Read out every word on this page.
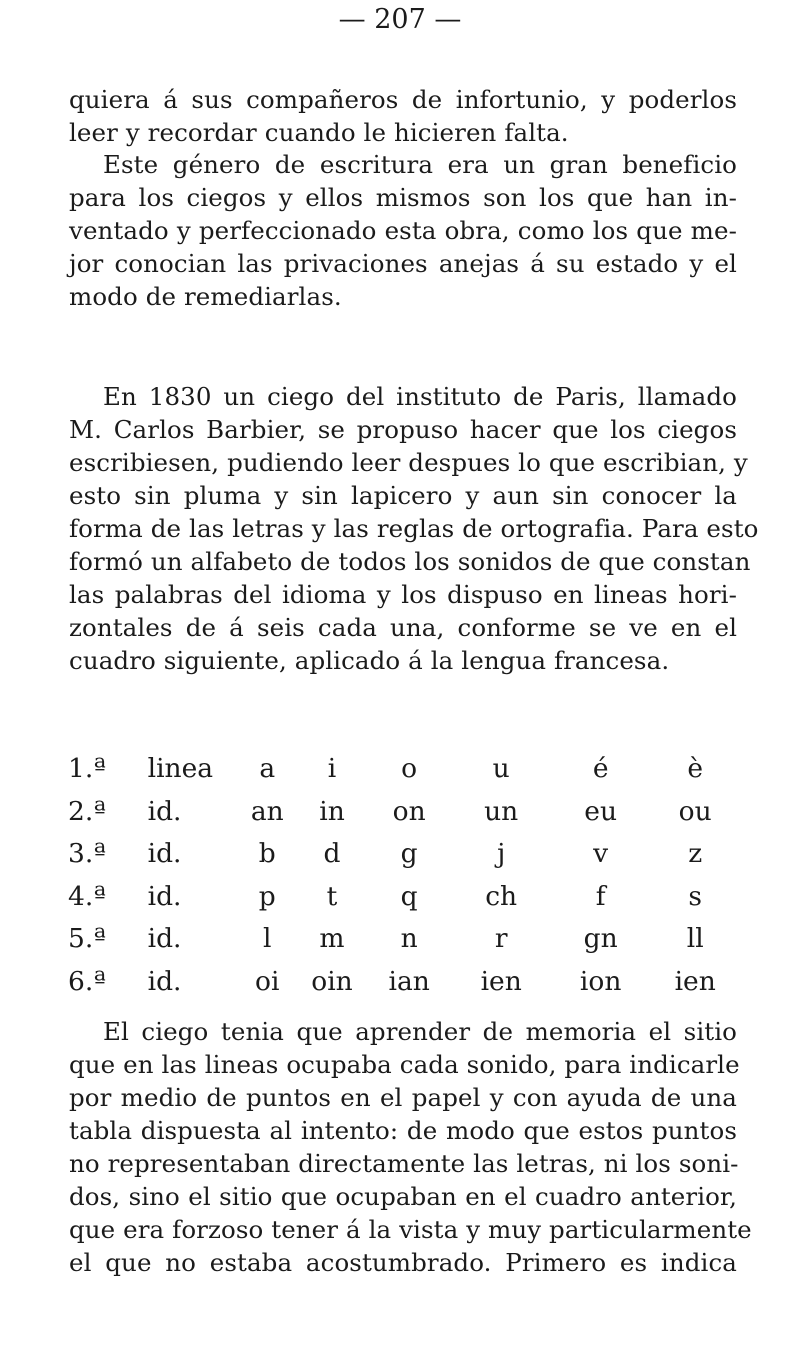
— 207 —
quiera á sus compañeros de infortunio, y poderlos
leer y recordar cuando le hicieren falta.
Este género de escritura era un gran beneficio
para los ciegos y ellos mismos son los que han in-
ventado y perfeccionado esta obra, como los que me-
jor conocian las privaciones anejas á su estado y el
modo de remediarlas.
En 1830 un ciego del instituto de Paris, llamado
M. Carlos Barbier, se propuso hacer que los ciegos
escribiesen, pudiendo leer despues lo que escribian, y
esto sin pluma y sin lapicero y aun sin conocer la
forma de las letras y las reglas de ortografia. Para esto
formó un alfabeto de todos los sonidos de que constan
las palabras del idioma y los dispuso en lineas hori-
zontales de á seis cada una, conforme se ve en el
cuadro siguiente, aplicado á la lengua francesa.
1.ª	linea	a	i	o	u	é	è
2.ª	id.	an	in	on	un	eu	ou
3.ª	id.	b	d	g	j	v	z
4.ª	id.	p	t	q	ch	f	s
5.ª	id.	l	m	n	r	gn	ll
6.ª	id.	oi	oin	ian	ien	ion	ien
El ciego tenia que aprender de memoria el sitio
que en las lineas ocupaba cada sonido, para indicarle
por medio de puntos en el papel y con ayuda de una
tabla dispuesta al intento: de modo que estos puntos
no representaban directamente las letras, ni los soni-
dos, sino el sitio que ocupaban en el cuadro anterior,
que era forzoso tener á la vista y muy particularmente
el que no estaba acostumbrado. Primero es indica
